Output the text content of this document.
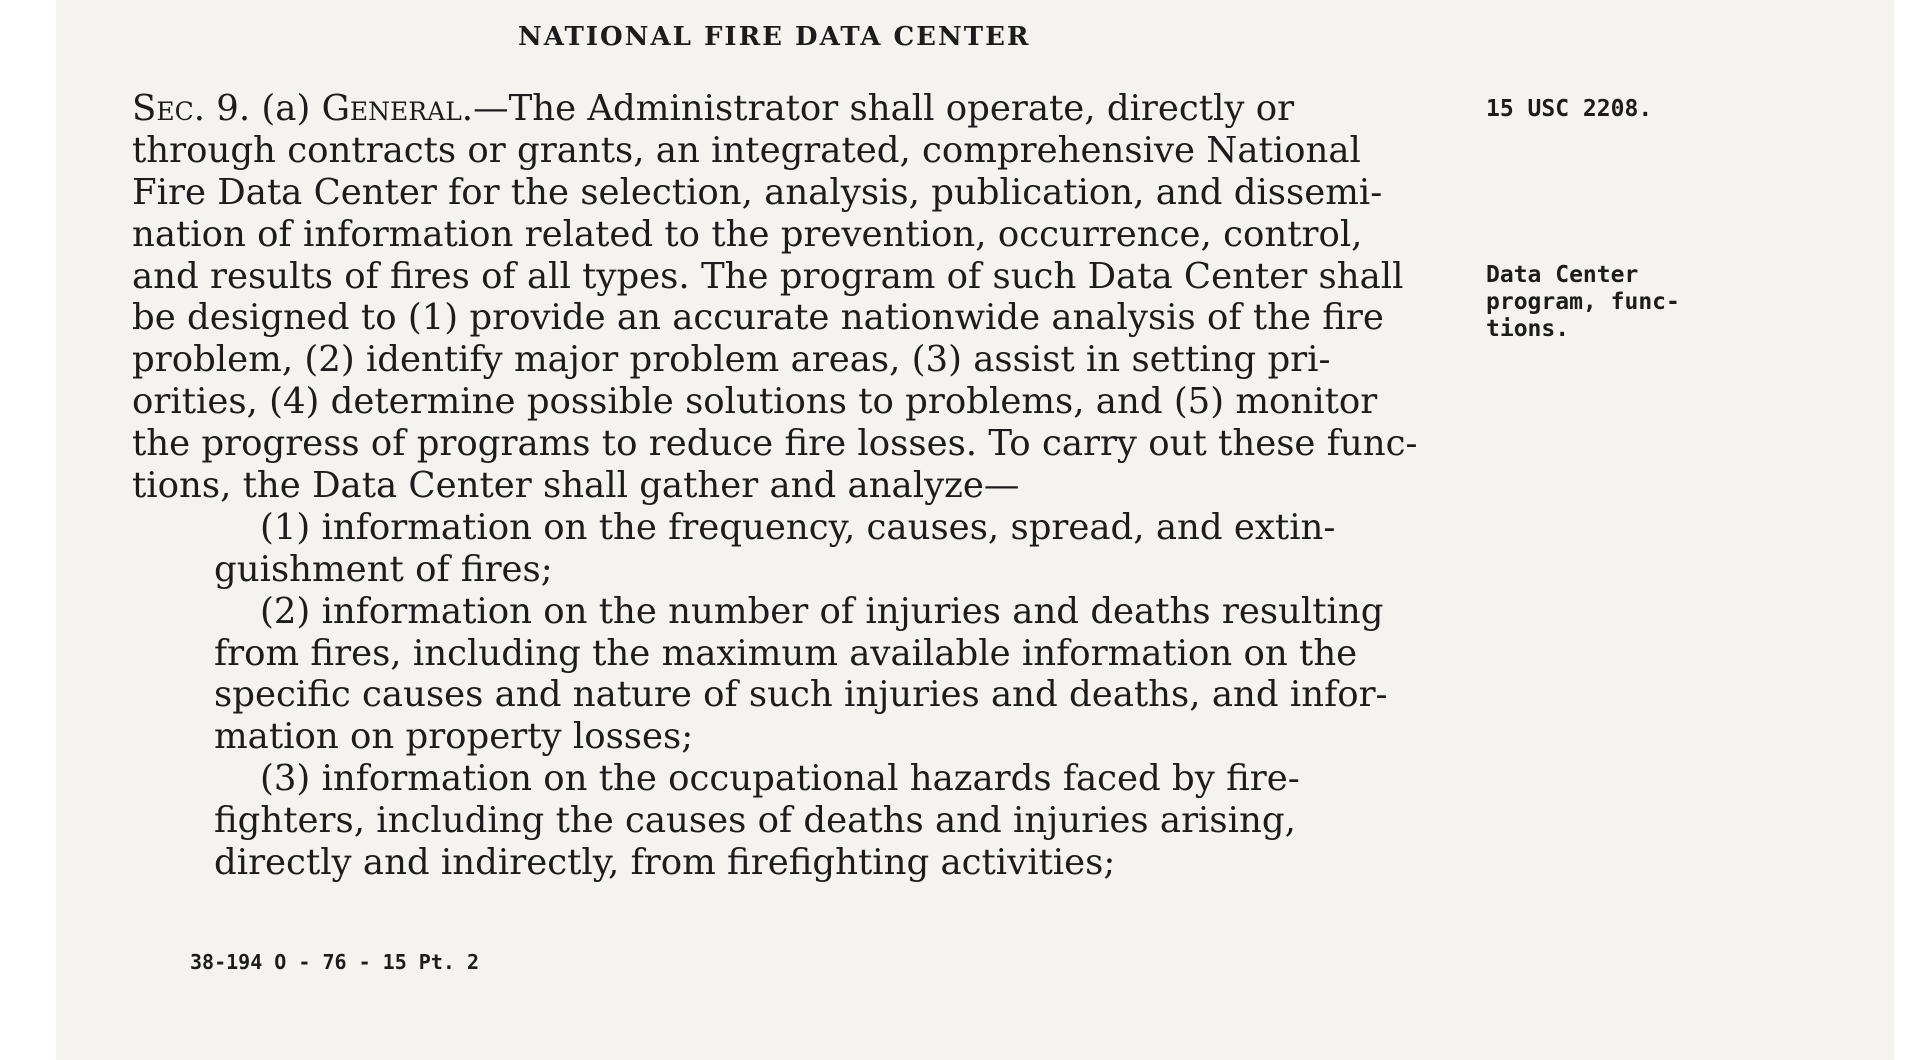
NATIONAL FIRE DATA CENTER
Sec. 9. (a) General.—The Administrator shall operate, directly or
through contracts or grants, an integrated, comprehensive National
Fire Data Center for the selection, analysis, publication, and dissemi-
nation of information related to the prevention, occurrence, control,
and results of fires of all types. The program of such Data Center shall
be designed to (1) provide an accurate nationwide analysis of the fire
problem, (2) identify major problem areas, (3) assist in setting pri-
orities, (4) determine possible solutions to problems, and (5) monitor
the progress of programs to reduce fire losses. To carry out these func-
tions, the Data Center shall gather and analyze—
(1) information on the frequency, causes, spread, and extin-
guishment of fires;
(2) information on the number of injuries and deaths resulting
from fires, including the maximum available information on the
specific causes and nature of such injuries and deaths, and infor-
mation on property losses;
(3) information on the occupational hazards faced by fire-
fighters, including the causes of deaths and injuries arising,
directly and indirectly, from firefighting activities;
15 USC 2208.
Data Center
program, func-
tions.
38-194 O - 76 - 15 Pt. 2
